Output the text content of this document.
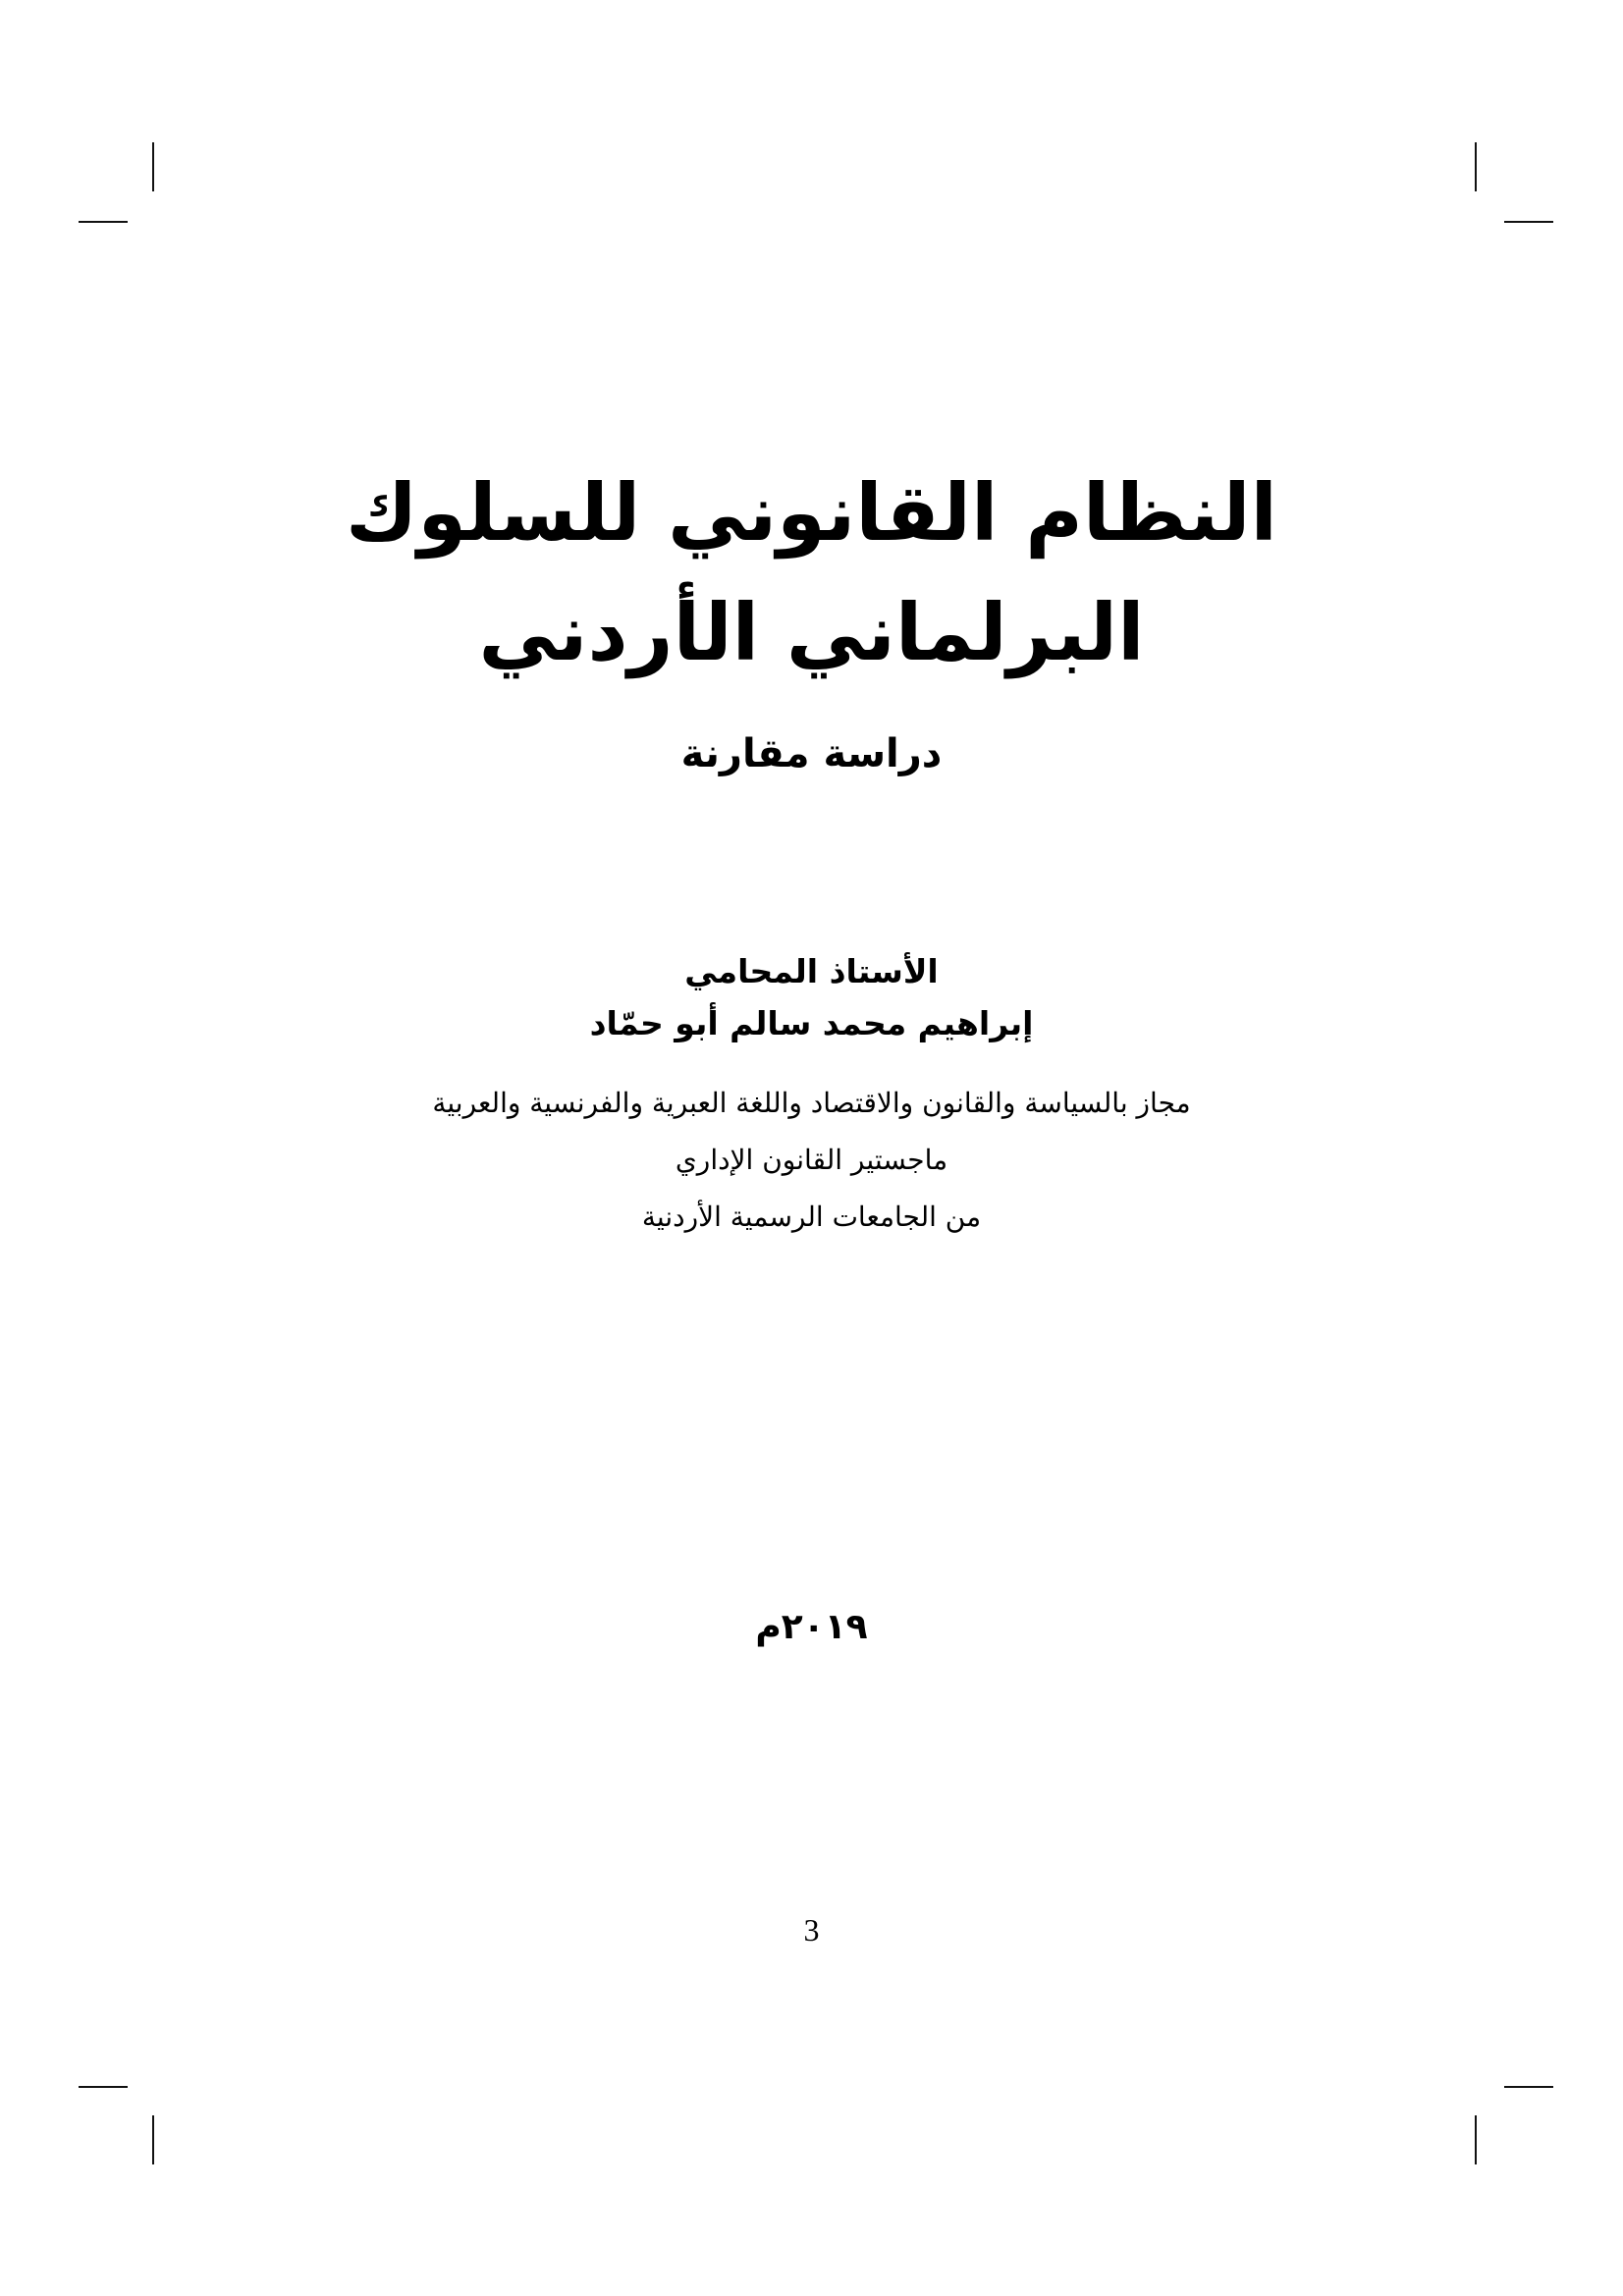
النظام القانوني للسلوك
البرلماني الأردني
دراسة مقارنة
الأستاذ المحامي
إبراهيم محمد سالم أبو حمّاد
مجاز بالسياسة والقانون والاقتصاد واللغة العبرية والفرنسية والعربية
ماجستير القانون الإداري
من الجامعات الرسمية الأردنية
٢٠١٩م
3
